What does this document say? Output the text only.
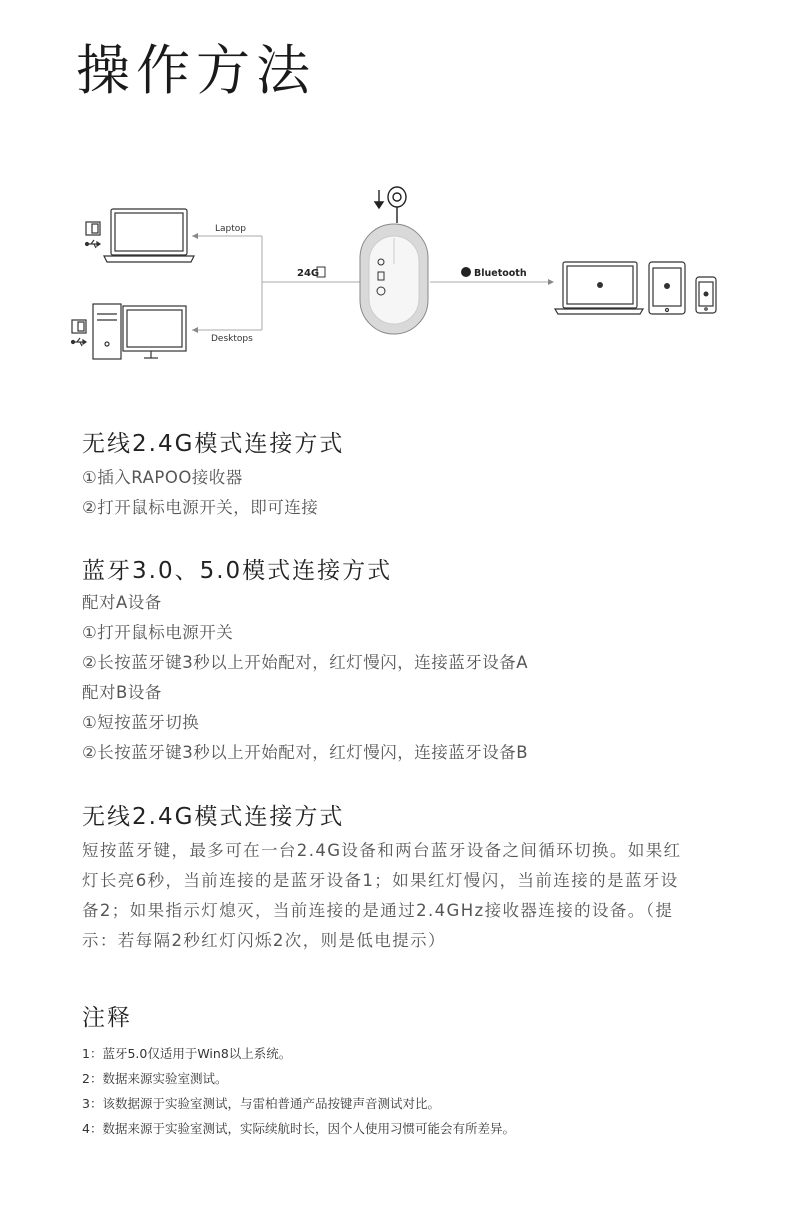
操作方法
Laptop
Desktops
24G	Bluetooth
无线2.4G模式连接方式
①插入RAPOO接收器
②打开鼠标电源开关，即可连接
蓝牙3.0、5.0模式连接方式
配对A设备
①打开鼠标电源开关
②长按蓝牙键3秒以上开始配对，红灯慢闪，连接蓝牙设备A
配对B设备
①短按蓝牙切换
②长按蓝牙键3秒以上开始配对，红灯慢闪，连接蓝牙设备B
无线2.4G模式连接方式
短按蓝牙键，最多可在一台2.4G设备和两台蓝牙设备之间循环切换。如果红灯长亮6秒，当前连接的是蓝牙设备1；如果红灯慢闪，当前连接的是蓝牙设备2；如果指示灯熄灭，当前连接的是通过2.4GHz接收器连接的设备。（提示：若每隔2秒红灯闪烁2次，则是低电提示）
注释
1：蓝牙5.0仅适用于Win8以上系统。
2：数据来源实验室测试。
3：该数据源于实验室测试，与雷柏普通产品按键声音测试对比。
4：数据来源于实验室测试，实际续航时长，因个人使用习惯可能会有所差异。
